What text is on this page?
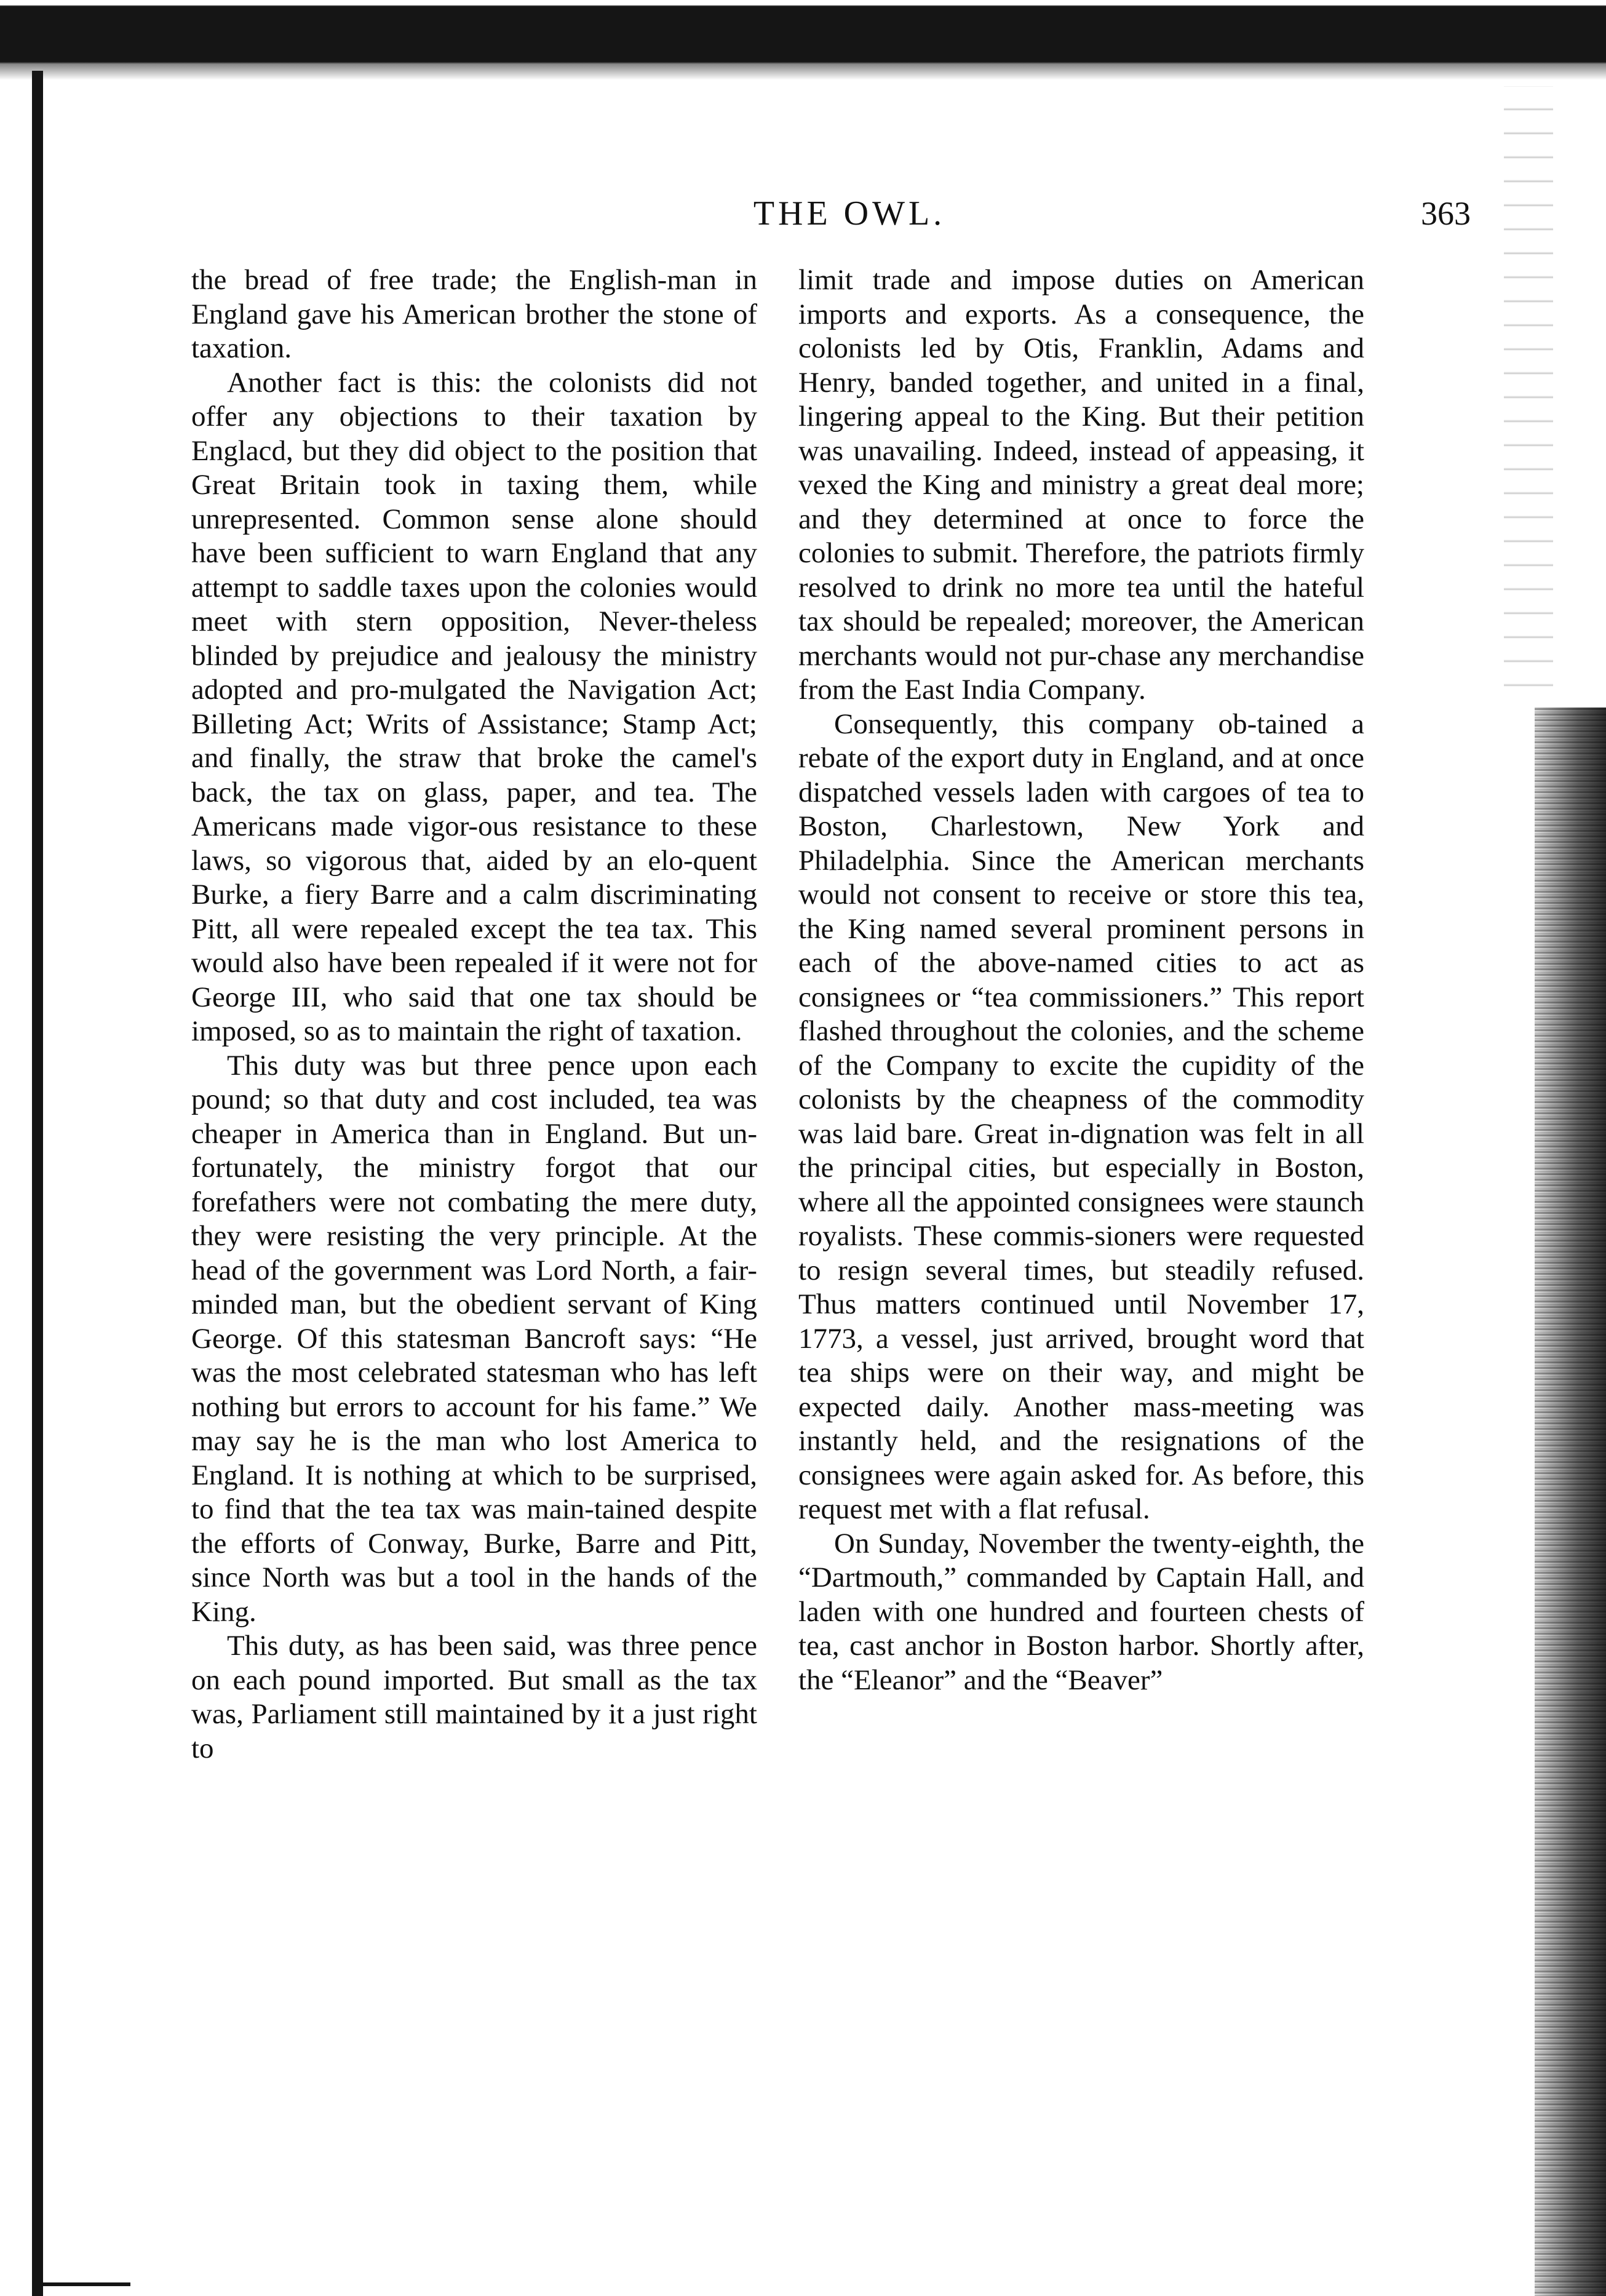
THE OWL.	363

the bread of free trade; the English-man in England gave his American brother the stone of taxation.

Another fact is this: the colonists did not offer any objections to their taxation by Englacd, but they did object to the position that Great Britain took in taxing them, while unrepresented. Common sense alone should have been sufficient to warn England that any attempt to saddle taxes upon the colonies would meet with stern opposition, Never-theless blinded by prejudice and jealousy the ministry adopted and pro-mulgated the Navigation Act; Billeting Act; Writs of Assistance; Stamp Act; and finally, the straw that broke the camel's back, the tax on glass, paper, and tea. The Americans made vigor-ous resistance to these laws, so vigorous that, aided by an elo-quent Burke, a fiery Barre and a calm discriminating Pitt, all were repealed except the tea tax. This would also have been repealed if it were not for George III, who said that one tax should be imposed, so as to maintain the right of taxation.

This duty was but three pence upon each pound; so that duty and cost included, tea was cheaper in America than in England. But un-fortunately, the ministry forgot that our forefathers were not combating the mere duty, they were resisting the very principle. At the head of the government was Lord North, a fair-minded man, but the obedient servant of King George. Of this statesman Bancroft says: “He was the most celebrated statesman who has left nothing but errors to account for his fame.” We may say he is the man who lost America to England. It is nothing at which to be surprised, to find that the tea tax was main-tained despite the efforts of Conway, Burke, Barre and Pitt, since North was but a tool in the hands of the King.

This duty, as has been said, was three pence on each pound imported. But small as the tax was, Parliament still maintained by it a just right to

limit trade and impose duties on American imports and exports. As a consequence, the colonists led by Otis, Franklin, Adams and Henry, banded together, and united in a final, lingering appeal to the King. But their petition was unavailing. Indeed, instead of appeasing, it vexed the King and ministry a great deal more; and they determined at once to force the colonies to submit. Therefore, the patriots firmly resolved to drink no more tea until the hateful tax should be repealed; moreover, the American merchants would not pur-chase any merchandise from the East India Company.

Consequently, this company ob-tained a rebate of the export duty in England, and at once dispatched vessels laden with cargoes of tea to Boston, Charlestown, New York and Philadelphia. Since the American merchants would not consent to receive or store this tea, the King named several prominent persons in each of the above-named cities to act as consignees or “tea commissioners.” This report flashed throughout the colonies, and the scheme of the Company to excite the cupidity of the colonists by the cheapness of the commodity was laid bare. Great in-dignation was felt in all the principal cities, but especially in Boston, where all the appointed consignees were staunch royalists. These commis-sioners were requested to resign several times, but steadily refused. Thus matters continued until November 17, 1773, a vessel, just arrived, brought word that tea ships were on their way, and might be expected daily. Another mass-meeting was instantly held, and the resignations of the consignees were again asked for. As before, this request met with a flat refusal.

On Sunday, November the twenty-eighth, the “Dartmouth,” commanded by Captain Hall, and laden with one hundred and fourteen chests of tea, cast anchor in Boston harbor. Shortly after, the “Eleanor” and the “Beaver”
